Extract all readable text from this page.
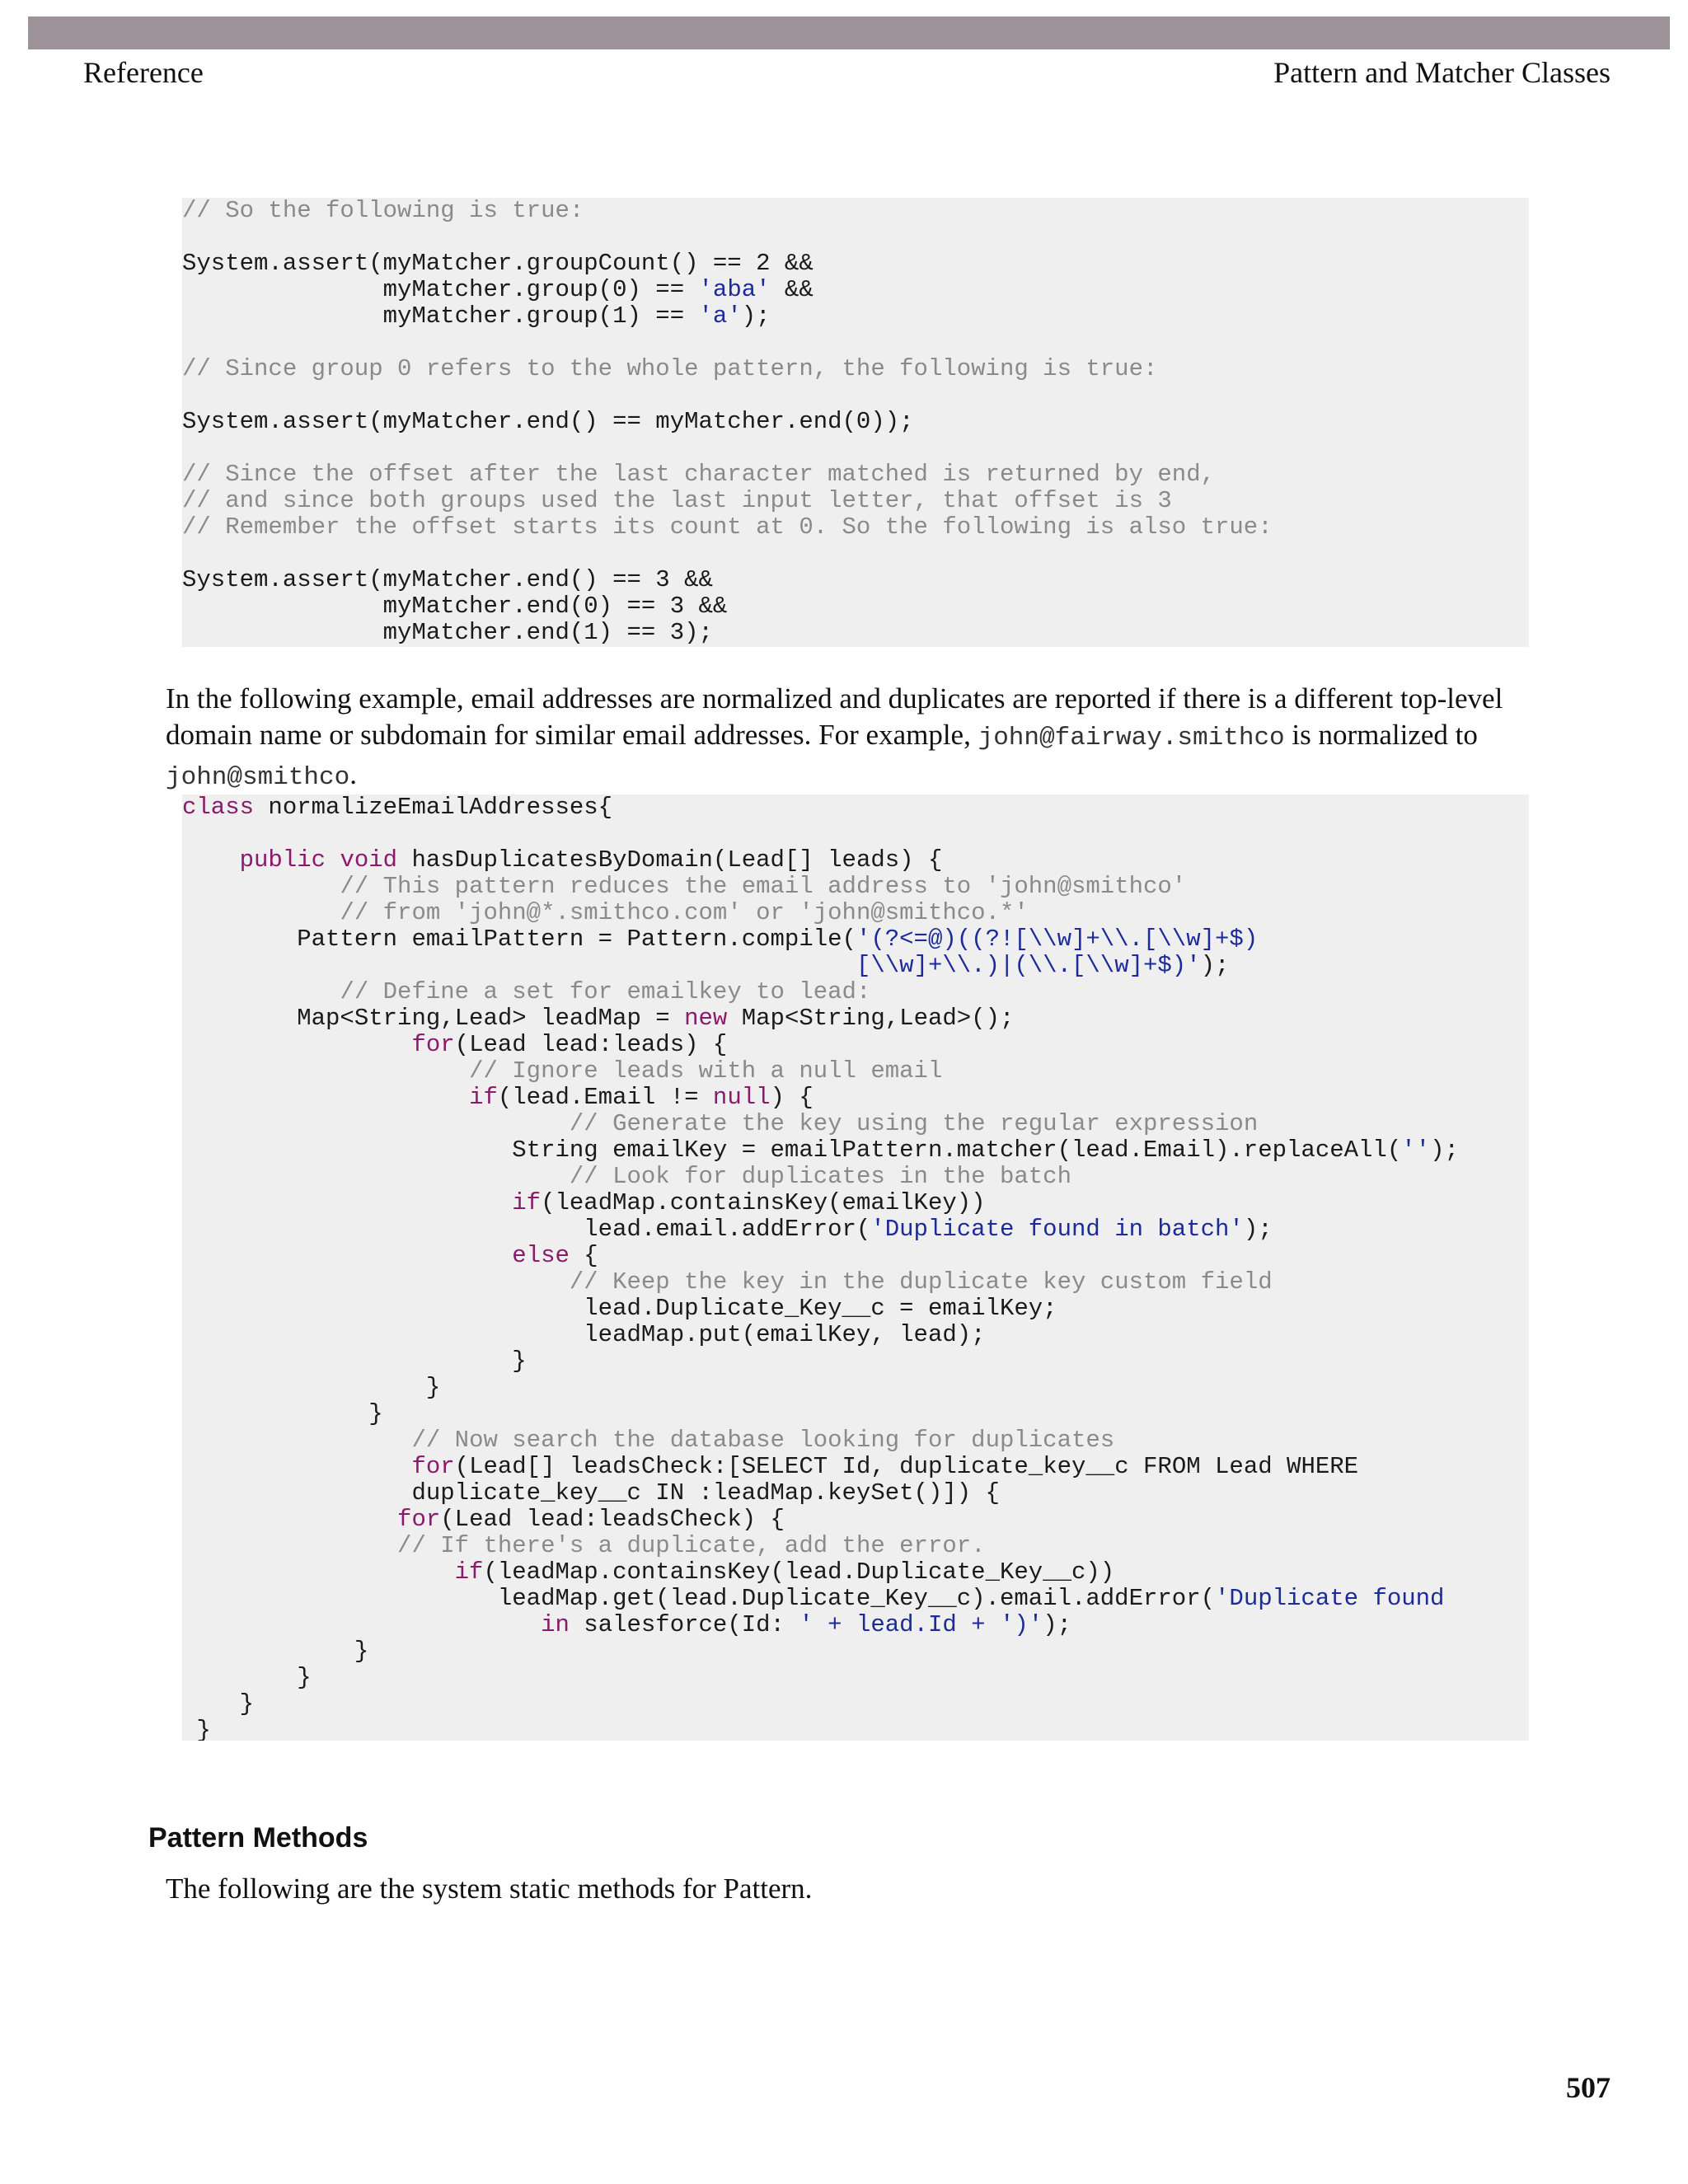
Reference	Pattern and Matcher Classes
// So the following is true:
System.assert(myMatcher.groupCount() == 2 &&
myMatcher.group(0) == 'aba' &&
myMatcher.group(1) == 'a');
// Since group 0 refers to the whole pattern, the following is true:
System.assert(myMatcher.end() == myMatcher.end(0));
// Since the offset after the last character matched is returned by end,
// and since both groups used the last input letter, that offset is 3
// Remember the offset starts its count at 0. So the following is also true:
System.assert(myMatcher.end() == 3 &&
myMatcher.end(0) == 3 &&
myMatcher.end(1) == 3);
In the following example, email addresses are normalized and duplicates are reported if there is a different top-level domain name or subdomain for similar email addresses. For example, john@fairway.smithco is normalized to john@smithco.
class normalizeEmailAddresses{
public void hasDuplicatesByDomain(Lead[] leads) {
// This pattern reduces the email address to 'john@smithco'
// from 'john@*.smithco.com' or 'john@smithco.*'
Pattern emailPattern = Pattern.compile('(?<=@)((?![\\w]+\\.[\\w]+$)
[\\w]+\\.)|(\\.[\\w]+$)');
// Define a set for emailkey to lead:
Map<String,Lead> leadMap = new Map<String,Lead>();
for(Lead lead:leads) {
// Ignore leads with a null email
if(lead.Email != null) {
// Generate the key using the regular expression
String emailKey = emailPattern.matcher(lead.Email).replaceAll('');
// Look for duplicates in the batch
if(leadMap.containsKey(emailKey))
lead.email.addError('Duplicate found in batch');
else {
// Keep the key in the duplicate key custom field
lead.Duplicate_Key__c = emailKey;
leadMap.put(emailKey, lead);
}
}
}
// Now search the database looking for duplicates
for(Lead[] leadsCheck:[SELECT Id, duplicate_key__c FROM Lead WHERE
duplicate_key__c IN :leadMap.keySet()]) {
for(Lead lead:leadsCheck) {
// If there's a duplicate, add the error.
if(leadMap.containsKey(lead.Duplicate_Key__c))
leadMap.get(lead.Duplicate_Key__c).email.addError('Duplicate found
in salesforce(Id: ' + lead.Id + ')');
}
}
}
}
Pattern Methods
The following are the system static methods for Pattern.
507
